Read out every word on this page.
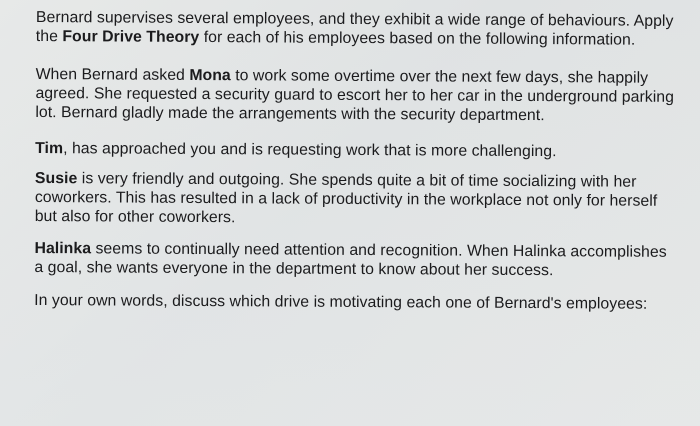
Bernard supervises several employees, and they exhibit a wide range of behaviours. Apply the Four Drive Theory for each of his employees based on the following information.

When Bernard asked Mona to work some overtime over the next few days, she happily agreed. She requested a security guard to escort her to her car in the underground parking lot. Bernard gladly made the arrangements with the security department.

Tim, has approached you and is requesting work that is more challenging.

Susie is very friendly and outgoing. She spends quite a bit of time socializing with her coworkers. This has resulted in a lack of productivity in the workplace not only for herself but also for other coworkers.

Halinka seems to continually need attention and recognition. When Halinka accomplishes a goal, she wants everyone in the department to know about her success.

In your own words, discuss which drive is motivating each one of Bernard's employees:
